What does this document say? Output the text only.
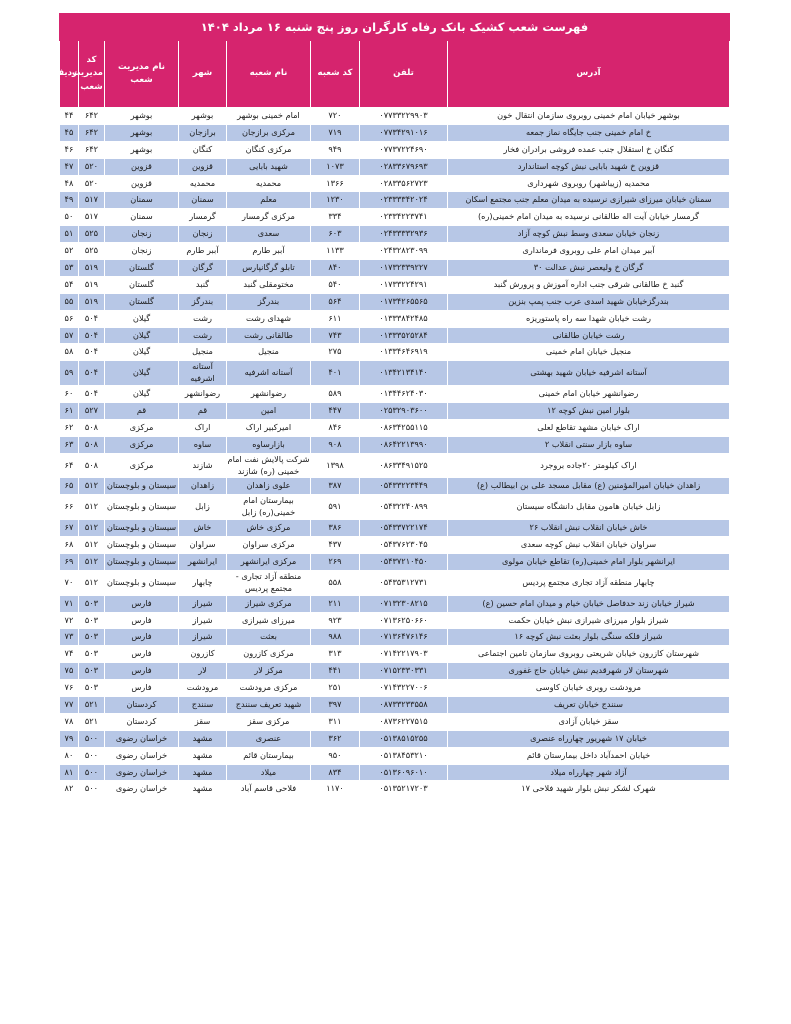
فهرست شعب کشیک بانک رفاه کارگران روز پنج شنبه ۱۶ مرداد ۱۴۰۴							
آدرس	تلفن	کد شعبه	نام شعبه	شهر	نام مدیریت شعب	کد مدیریت شعب	ردیف
بوشهر خیابان امام خمینی روبروی سازمان انتقال خون	۰۷۷۳۳۲۲۹۹۰۳	۷۲۰	امام خمینی بوشهر	بوشهر	بوشهر	۶۴۲	۴۴
خ امام خمینی جنب جایگاه نماز جمعه	۰۷۷۳۴۲۹۱۰۱۶	۷۱۹	مرکزی برازجان	برازجان	بوشهر	۶۴۲	۴۵
کنگان خ استقلال جنب عمده فروشی برادران فخار	۰۷۷۳۷۲۲۴۶۹۰	۹۴۹	مرکزی کنگان	کنگان	بوشهر	۶۴۲	۴۶
قزوین خ شهید بابایی نبش کوچه استاندارد	۰۲۸۳۳۶۷۹۶۹۳	۱۰۷۳	شهید بابایی	قزوین	قزوین	۵۲۰	۴۷
محمدیه (زیباشهر) روبروی شهرداری	۰۲۸۳۳۵۶۲۷۲۳	۱۳۶۶	محمدیه	محمدیه	قزوین	۵۲۰	۴۸
سمنان خیابان میرزای شیرازی نرسیده به میدان معلم جنب مجتمع اسکان	۰۲۳۳۳۳۴۲۰۲۴	۱۲۳۰	معلم	سمنان	سمنان	۵۱۷	۴۹
گرمسار خیابان آیت اله طالقانی نرسیده به میدان امام خمینی(ره)	۰۲۳۳۴۲۲۳۷۴۱	۳۳۴	مرکزی گرمسار	گرمسار	سمنان	۵۱۷	۵۰
زنجان خیابان سعدی وسط نبش کوچه آزاد	۰۲۴۳۳۳۳۲۹۳۶	۶۰۳	سعدی	زنجان	زنجان	۵۲۵	۵۱
آببر میدان امام علی روبروی فرمانداری	۰۲۴۳۲۸۲۳۰۹۹	۱۱۳۳	آببر طارم	آببر طارم	زنجان	۵۲۵	۵۲
گرگان خ ولیعصر نبش عدالت ۳۰	۰۱۷۳۲۳۳۹۲۲۷	۸۴۰	تابلو گرگانپارس	گرگان	گلستان	۵۱۹	۵۳
گنبد خ طالقانی شرقی جنب اداره آموزش و پرورش گنبد	۰۱۷۳۳۲۲۴۲۹۱	۵۴۰	مختومقلی گنبد	گنبد	گلستان	۵۱۹	۵۴
بندرگزخیابان شهید اسدی عرب جنب پمپ بنزین	۰۱۷۳۴۲۶۵۵۶۵	۵۶۴	بندرگز	بندرگز	گلستان	۵۱۹	۵۵
رشت خیابان شهدا سه راه پاستوریزه	۰۱۳۳۳۸۴۲۴۸۵	۶۱۱	شهدای رشت	رشت	گیلان	۵۰۴	۵۶
رشت خیابان طالقانی	۰۱۳۳۳۵۲۵۲۸۴	۷۴۳	طالقانی رشت	رشت	گیلان	۵۰۴	۵۷
منجیل خیابان امام خمینی	۰۱۳۳۴۶۴۶۹۱۹	۲۷۵	منجیل	منجیل	گیلان	۵۰۴	۵۸
آستانه اشرفیه خیابان شهید بهشتی	۰۱۳۴۲۱۳۴۱۴۰	۴۰۱	آستانه اشرفیه	آستانه اشرفیه	گیلان	۵۰۴	۵۹
رضوانشهر خیابان امام خمینی	۰۱۳۴۴۶۲۴۰۳۰	۵۸۹	رضوانشهر	رضوانشهر	گیلان	۵۰۴	۶۰
بلوار امین نبش کوچه ۱۲	۰۲۵۳۲۹۰۳۶۰۰	۴۴۷	امین	قم	قم	۵۲۷	۶۱
اراک خیابان مشهد تقاطع لعلی	۰۸۶۳۴۲۵۵۱۱۵	۸۴۶	امیرکبیر اراک	اراک	مرکزی	۵۰۸	۶۲
ساوه بازار سنتی انقلاب ۲	۰۸۶۴۲۲۱۳۹۹۰	۹۰۸	بازارساوه	ساوه	مرکزی	۵۰۸	۶۳
اراک کیلومتر ۲۰جاده بروجرد	۰۸۶۳۳۴۹۱۵۲۵	۱۳۹۸	شرکت پالایش نفت امام خمینی (ره) شازند	شازند	مرکزی	۵۰۸	۶۴
زاهدان خیابان امیرالمؤمنین (ع) مقابل مسجد علی بن ابیطالب (ع)	۰۵۴۳۳۲۲۳۴۴۹	۳۸۷	علوی زاهدان	زاهدان	سیستان و بلوچستان	۵۱۲	۶۵
زابل خیابان هامون مقابل دانشگاه سیستان	۰۵۴۳۲۲۴۰۸۹۹	۵۹۱	بیمارستان امام خمینی(ره) زابل	زابل	سیستان و بلوچستان	۵۱۲	۶۶
خاش خیابان انقلاب نبش انقلاب ۲۶	۰۵۴۳۳۷۲۲۱۷۴	۳۸۶	مرکزی خاش	خاش	سیستان و بلوچستان	۵۱۲	۶۷
سراوان خیابان انقلاب نبش کوچه سعدی	۰۵۴۳۷۶۲۳۰۴۵	۴۳۷	مرکزی سراوان	سراوان	سیستان و بلوچستان	۵۱۲	۶۸
ایرانشهر بلوار امام خمینی(ره) تقاطع خیابان مولوی	۰۵۴۳۷۲۱۰۴۵۰	۲۶۹	مرکزی ایرانشهر	ایرانشهر	سیستان و بلوچستان	۵۱۲	۶۹
چابهار منطقه آزاد تجاری مجتمع پردیس	۰۵۴۳۵۳۱۲۷۳۱	۵۵۸	منطقه آزاد تجاری - مجتمع پردیس	چابهار	سیستان و بلوچستان	۵۱۲	۷۰
شیراز خیابان زند حدفاصل خیابان خیام و میدان امام حسین (ع)	۰۷۱۳۲۳۰۸۲۱۵	۲۱۱	مرکزی شیراز	شیراز	فارس	۵۰۳	۷۱
شیراز بلوار میرزای شیرازی نبش خیابان حکمت	۰۷۱۳۶۲۵۰۶۶۰	۹۲۳	میرزای شیرازی	شیراز	فارس	۵۰۳	۷۲
شیراز فلکه سنگی بلوار بعثت نبش کوچه ۱۶	۰۷۱۳۶۴۷۶۱۴۶	۹۸۸	بعثت	شیراز	فارس	۵۰۳	۷۳
شهرستان کازرون خیابان شریعتی روبروی سازمان تامین اجتماعی	۰۷۱۴۲۲۱۷۹۰۳	۳۱۳	مرکزی کازرون	کازرون	فارس	۵۰۳	۷۴
شهرستان لار شهرقدیم نبش خیابان حاج غفوری	۰۷۱۵۲۳۳۰۳۳۱	۴۴۱	مرکز لار	لار	فارس	۵۰۳	۷۵
مرودشت روبری خیابان کاوسی	۰۷۱۴۳۲۲۷۰۰۶	۲۵۱	مرکزی مرودشت	مرودشت	فارس	۵۰۳	۷۶
سنندج خیابان تعریف	۰۸۷۳۳۲۳۳۵۵۸	۳۹۷	شهید تعریف سنندج	سنندج	کردستان	۵۲۱	۷۷
سقز خیابان آزادی	۰۸۷۳۶۲۲۷۵۱۵	۳۱۱	مرکزی سقز	سقز	کردستان	۵۲۱	۷۸
خیابان ۱۷ شهریور چهارراه عنصری	۰۵۱۳۸۵۱۵۲۵۵	۳۶۲	عنصری	مشهد	خراسان رضوی	۵۰۰	۷۹
خیابان احمدآباد داخل بیمارستان قائم	۰۵۱۳۸۴۵۳۲۱۰	۹۵۰	بیمارستان قائم	مشهد	خراسان رضوی	۵۰۰	۸۰
آزاد شهر چهارراه میلاد	۰۵۱۳۶۰۹۶۰۱۰	۸۳۴	میلاد	مشهد	خراسان رضوی	۵۰۰	۸۱
شهرک لشکر نبش بلوار شهید فلاحی ۱۷	۰۵۱۳۵۲۱۷۲۰۳	۱۱۷۰	فلاحی قاسم آباد	مشهد	خراسان رضوی	۵۰۰	۸۲
